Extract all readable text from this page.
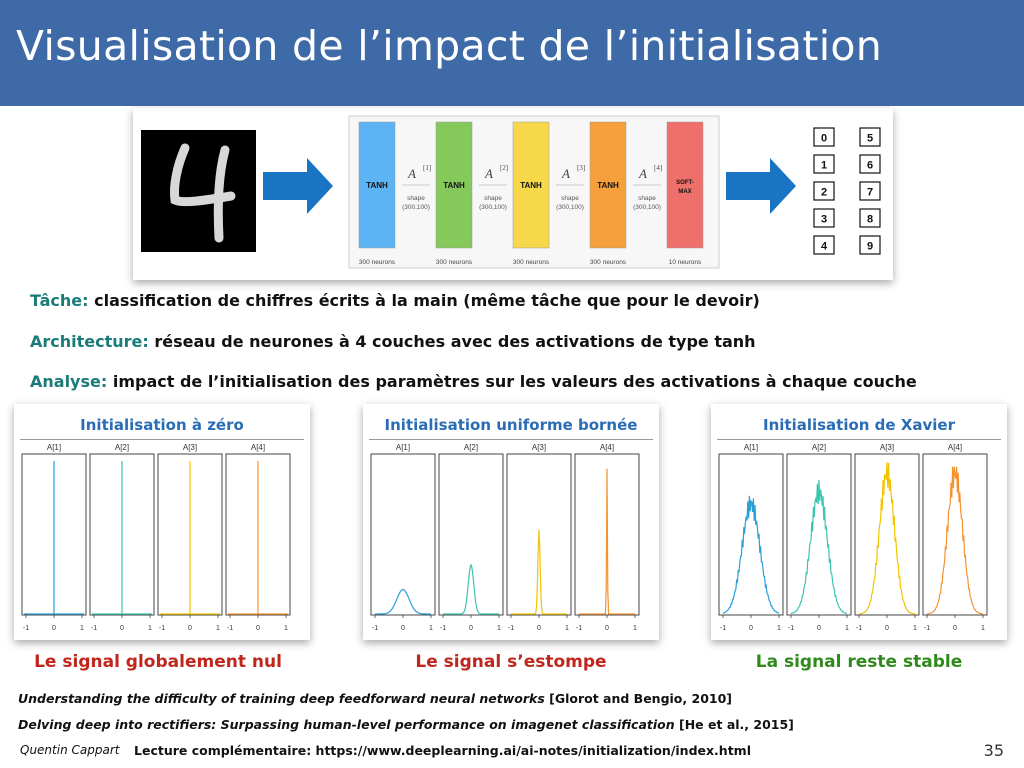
Visualisation de l’impact de l’initialisation
TANH
300 neurons
TANH
300 neurons
TANH
300 neurons
TANH
300 neurons
SOFT-
MAX
10 neurons
A [1]
shape
(300,100)
A [2]
shape
(300,100)
A [3]
shape
(300,100)
A [4]
shape
(300,100)
0
1
2
3
4
5
6
7
8
9
Tâche: classification de chiffres écrits à la main (même tâche que pour le devoir)
Architecture: réseau de neurones à 4 couches avec des activations de type tanh
Analyse: impact de l’initialisation des paramètres sur les valeurs des activations à chaque couche
A[1]
-1	0	1
A[2]
-1	0	1
A[3]
-1	0	1
A[4]
-1	0	1
Initialisation à zéro
A[1]
-1	0	1
A[2]
-1	0	1
A[3]
-1	0	1
A[4]
-1	0	1
Initialisation uniforme bornée
A[1]
-1	0	1
A[2]
-1	0	1
A[3]
-1	0	1
A[4]
-1	0	1
Initialisation de Xavier
Le signal globalement nul	Le signal s’estompe	La signal reste stable
Understanding the difficulty of training deep feedforward neural networks [Glorot and Bengio, 2010]
Delving deep into rectifiers: Surpassing human-level performance on imagenet classification [He et al., 2015]
Quentin Cappart Lecture complémentaire: https://www.deeplearning.ai/ai-notes/initialization/index.html	35
